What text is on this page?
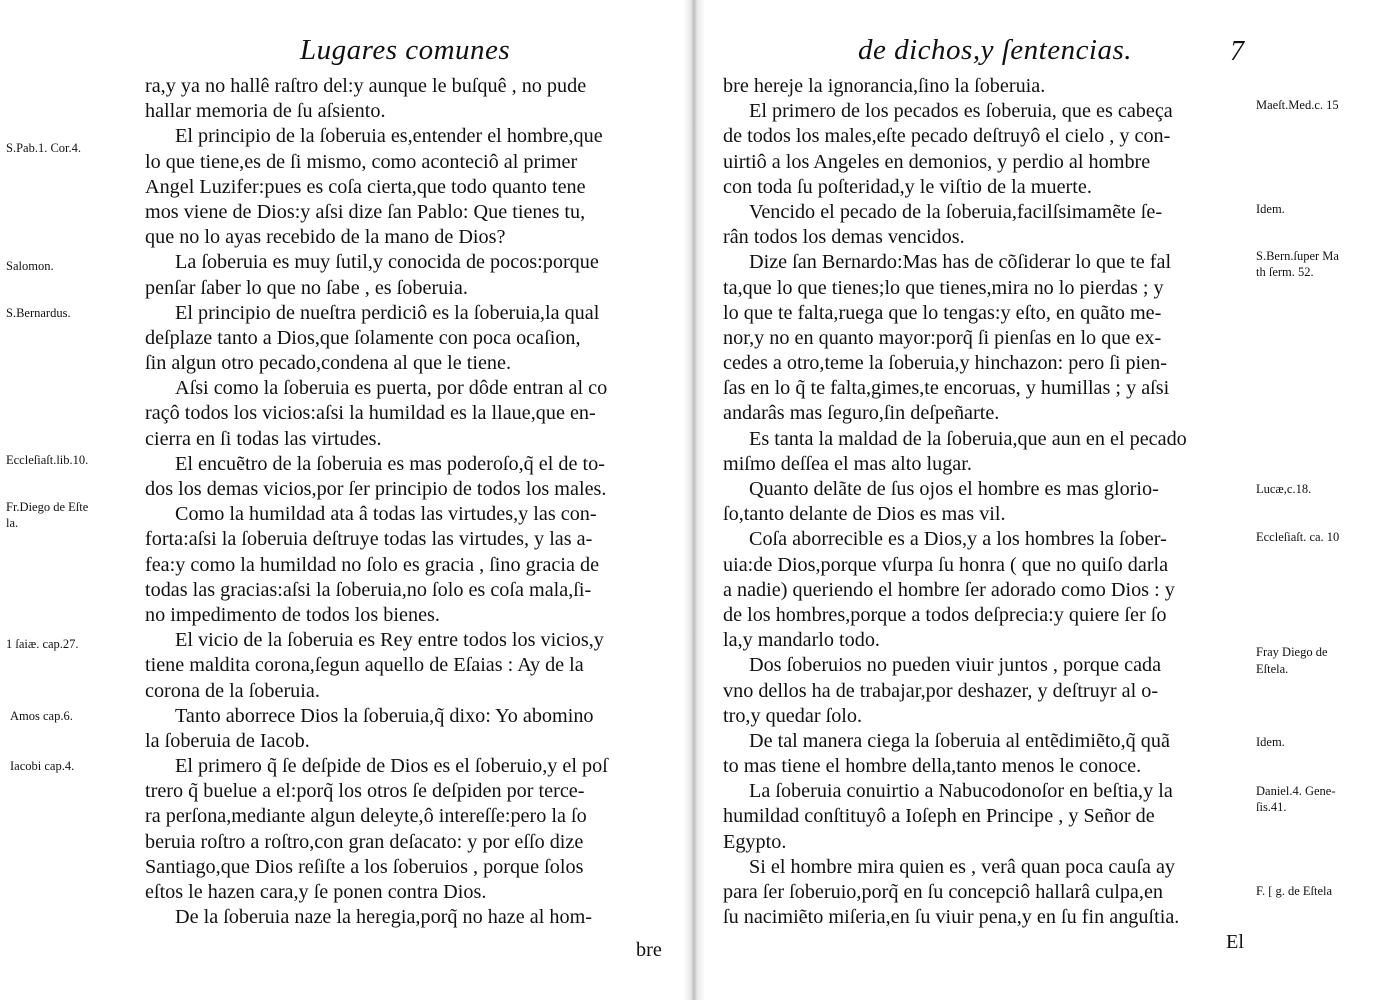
Lugares comunes
ra,y ya no hallê raſtro del:y aunque le buſquê , no pude
hallar memoria de ſu aſsiento.
El principio de la ſoberuia es,entender el hombre,que
lo que tiene,es de ſi mismo, como aconteciô al primer
Angel Luzifer:pues es coſa cierta,que todo quanto tene
mos viene de Dios:y aſsi dize ſan Pablo: Que tienes tu,
que no lo ayas recebido de la mano de Dios?
La ſoberuia es muy ſutil,y conocida de pocos:porque
penſar ſaber lo que no ſabe , es ſoberuia.
El principio de nueſtra perdiciô es la ſoberuia,la qual
deſplaze tanto a Dios,que ſolamente con poca ocaſion,
ſin algun otro pecado,condena al que le tiene.
Aſsi como la ſoberuia es puerta, por dôde entran al co
raçô todos los vicios:aſsi la humildad es la llaue,que en-
cierra en ſi todas las virtudes.
El encuẽtro de la ſoberuia es mas poderoſo,q̃ el de to-
dos los demas vicios,por ſer principio de todos los males.
Como la humildad ata â todas las virtudes,y las con-
forta:aſsi la ſoberuia deſtruye todas las virtudes, y las a-
fea:y como la humildad no ſolo es gracia , ſino gracia de
todas las gracias:aſsi la ſoberuia,no ſolo es coſa mala,ſi-
no impedimento de todos los bienes.
El vicio de la ſoberuia es Rey entre todos los vicios,y
tiene maldita corona,ſegun aquello de Eſaias : Ay de la
corona de la ſoberuia.
Tanto aborrece Dios la ſoberuia,q̃ dixo: Yo abomino
la ſoberuia de Iacob.
El primero q̃ ſe deſpide de Dios es el ſoberuio,y el poſ
trero q̃ buelue a el:porq̃ los otros ſe deſpiden por terce-
ra perſona,mediante algun deleyte,ô intereſſe:pero la ſo
beruia roſtro a roſtro,con gran deſacato: y por eſſo dize
Santiago,que Dios reſiſte a los ſoberuios , porque ſolos
eſtos le hazen cara,y ſe ponen contra Dios.
De la ſoberuia naze la heregia,porq̃ no haze al hom-
bre
S.Pab.1. Cor.4.
Salomon.
S.Bernardus.
Eccleſiaſt.lib.10.
Fr.Diego de Eſte
la.
1 ſaiæ. cap.27.
Amos cap.6.
Iacobi cap.4.
de dichos,y ſentencias.	7
bre hereje la ignorancia,ſino la ſoberuia.
El primero de los pecados es ſoberuia, que es cabeça
de todos los males,eſte pecado deſtruyô el cielo , y con-
uirtiô a los Angeles en demonios, y perdio al hombre
con toda ſu poſteridad,y le viſtio de la muerte.
Vencido el pecado de la ſoberuia,facilſsimamẽte ſe-
rân todos los demas vencidos.
Dize ſan Bernardo:Mas has de cõſiderar lo que te fal
ta,que lo que tienes;lo que tienes,mira no lo pierdas ; y
lo que te falta,ruega que lo tengas:y eſto, en quãto me-
nor,y no en quanto mayor:porq̃ ſi pienſas en lo que ex-
cedes a otro,teme la ſoberuia,y hinchazon: pero ſi pien-
ſas en lo q̃ te falta,gimes,te encoruas, y humillas ; y aſsi
andarâs mas ſeguro,ſin deſpeñarte.
Es tanta la maldad de la ſoberuia,que aun en el pecado
miſmo deſſea el mas alto lugar.
Quanto delãte de ſus ojos el hombre es mas glorio-
ſo,tanto delante de Dios es mas vil.
Coſa aborrecible es a Dios,y a los hombres la ſober-
uia:de Dios,porque vſurpa ſu honra ( que no quiſo darla
a nadie) queriendo el hombre ſer adorado como Dios : y
de los hombres,porque a todos deſprecia:y quiere ſer ſo
la,y mandarlo todo.
Dos ſoberuios no pueden viuir juntos , porque cada
vno dellos ha de trabajar,por deshazer, y deſtruyr al o-
tro,y quedar ſolo.
De tal manera ciega la ſoberuia al entẽdimiẽto,q̃ quã
to mas tiene el hombre della,tanto menos le conoce.
La ſoberuia conuirtio a Nabucodonoſor en beſtia,y la
humildad conſtituyô a Ioſeph en Principe , y Señor de
Egypto.
Si el hombre mira quien es , verâ quan poca cauſa ay
para ſer ſoberuio,porq̃ en ſu concepciô hallarâ culpa,en
ſu nacimiẽto miſeria,en ſu viuir pena,y en ſu fin anguſtia.
El
Maeſt.Med.c. 15
Idem.
S.Bern.ſuper Ma
th ſerm. 52.
Lucæ,c.18.
Eccleſiaſt. ca. 10
Fray Diego de
Eſtela.
Idem.
Daniel.4. Gene-
ſis.41.
F. [ g. de Eſtela
